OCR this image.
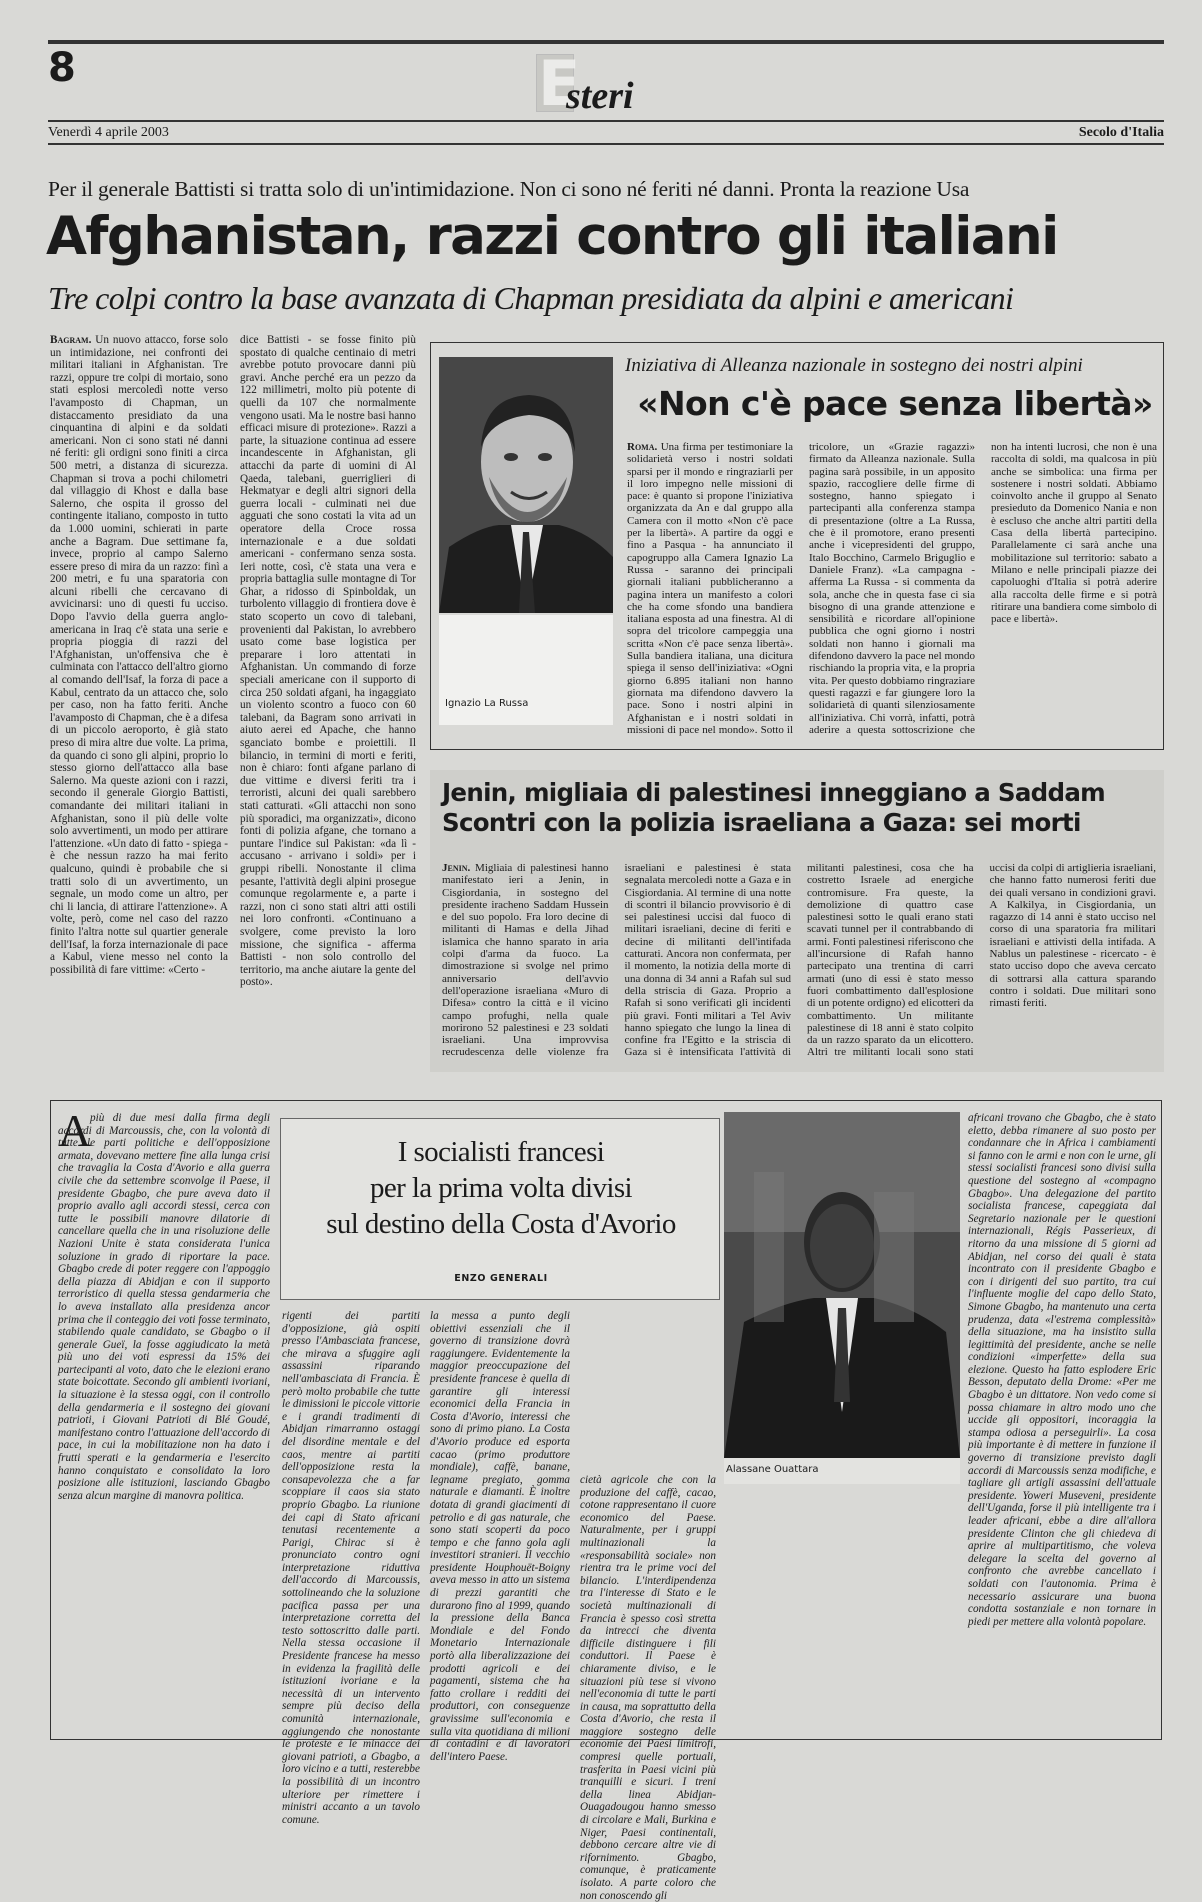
8	E
steri
Venerdì 4 aprile 2003	Secolo d'Italia
Per il generale Battisti si tratta solo di un'intimidazione. Non ci sono né feriti né danni. Pronta la reazione Usa
Afghanistan, razzi contro gli italiani
Tre colpi contro la base avanzata di Chapman presidiata da alpini e americani
Bagram. Un nuovo attacco, forse solo un intimidazione, nei confronti dei militari italiani in Afghanistan. Tre razzi, oppure tre colpi di mortaio, sono stati esplosi mercoledì notte verso l'avamposto di Chapman, un distaccamento presidiato da una cinquantina di alpini e da soldati americani. Non ci sono stati né danni né feriti: gli ordigni sono finiti a circa 500 metri, a distanza di sicurezza. Chapman si trova a pochi chilometri dal villaggio di Khost e dalla base Salerno, che ospita il grosso del contingente italiano, composto in tutto da 1.000 uomini, schierati in parte anche a Bagram. Due settimane fa, invece, proprio al campo Salerno essere preso di mira da un razzo: finì a 200 metri, e fu una sparatoria con alcuni ribelli che cercavano di avvicinarsi: uno di questi fu ucciso. Dopo l'avvio della guerra anglo-americana in Iraq c'è stata una serie e propria pioggia di razzi del l'Afghanistan, un'offensiva che è culminata con l'attacco dell'altro giorno al comando dell'Isaf, la forza di pace a Kabul, centrato da un attacco che, solo per caso, non ha fatto feriti. Anche l'avamposto di Chapman, che è a difesa di un piccolo aeroporto, è già stato preso di mira altre due volte. La prima, da quando ci sono gli alpini, proprio lo stesso giorno dell'attacco alla base Salerno. Ma queste azioni con i razzi, secondo il generale Giorgio Battisti, comandante dei militari italiani in Afghanistan, sono il più delle volte solo avvertimenti, un modo per attirare l'attenzione. «Un dato di fatto - spiega - è che nessun razzo ha mai ferito qualcuno, quindi è probabile che si tratti solo di un avvertimento, un segnale, un modo come un altro, per chi li lancia, di attirare l'attenzione». A volte, però, come nel caso del razzo finito l'altra notte sul quartier generale dell'Isaf, la forza internazionale di pace a Kabul, viene messo nel conto la possibilità di fare vittime: «Certo -
dice Battisti - se fosse finito più spostato di qualche centinaio di metri avrebbe potuto provocare danni più gravi. Anche perché era un pezzo da 122 millimetri, molto più potente di quelli da 107 che normalmente vengono usati. Ma le nostre basi hanno efficaci misure di protezione». Razzi a parte, la situazione continua ad essere incandescente in Afghanistan, gli attacchi da parte di uomini di Al Qaeda, talebani, guerriglieri di Hekmatyar e degli altri signori della guerra locali - culminati nei due agguati che sono costati la vita ad un operatore della Croce rossa internazionale e a due soldati americani - confermano senza sosta. Ieri notte, così, c'è stata una vera e propria battaglia sulle montagne di Tor Ghar, a ridosso di Spinboldak, un turbolento villaggio di frontiera dove è stato scoperto un covo di talebani, provenienti dal Pakistan, lo avrebbero usato come base logistica per preparare i loro attentati in Afghanistan. Un commando di forze speciali americane con il supporto di circa 250 soldati afgani, ha ingaggiato un violento scontro a fuoco con 60 talebani, da Bagram sono arrivati in aiuto aerei ed Apache, che hanno sganciato bombe e proiettili. Il bilancio, in termini di morti e feriti, non è chiaro: fonti afgane parlano di due vittime e diversi feriti tra i terroristi, alcuni dei quali sarebbero stati catturati. «Gli attacchi non sono più sporadici, ma organizzati», dicono fonti di polizia afgane, che tornano a puntare l'indice sul Pakistan: «da lì - accusano - arrivano i soldi» per i gruppi ribelli. Nonostante il clima pesante, l'attività degli alpini prosegue comunque regolarmente e, a parte i razzi, non ci sono stati altri atti ostili nei loro confronti. «Continuano a svolgere, come previsto la loro missione, che significa - afferma Battisti - non solo controllo del territorio, ma anche aiutare la gente del posto».
Ignazio La Russa
Iniziativa di Alleanza nazionale in sostegno dei nostri alpini
«Non c'è pace senza libertà»
Roma. Una firma per testimoniare la solidarietà verso i nostri soldati sparsi per il mondo e ringraziarli per il loro impegno nelle missioni di pace: è quanto si propone l'iniziativa organizzata da An e dal gruppo alla Camera con il motto «Non c'è pace per la libertà». A partire da oggi e fino a Pasqua - ha annunciato il capogruppo alla Camera Ignazio La Russa - saranno dei principali giornali italiani pubblicheranno a pagina intera un manifesto a colori che ha come sfondo una bandiera italiana esposta ad una finestra. Al di sopra del tricolore campeggia una scritta «Non c'è pace senza libertà». Sulla bandiera italiana, una dicitura spiega il senso dell'iniziativa: «Ogni giorno 6.895 italiani non hanno giornata ma difendono davvero la pace. Sono i nostri alpini in Afghanistan e i nostri soldati in missioni di pace nel mondo». Sotto il tricolore, un «Grazie ragazzi» firmato da Alleanza nazionale. Sulla pagina sarà possibile, in un apposito spazio, raccogliere delle firme di sostegno, hanno spiegato i partecipanti alla conferenza stampa di presentazione (oltre a La Russa, che è il promotore, erano presenti anche i vicepresidenti del gruppo, Italo Bocchino, Carmelo Briguglio e Daniele Franz). «La campagna - afferma La Russa - si commenta da sola, anche che in questa fase ci sia bisogno di una grande attenzione e sensibilità e ricordare all'opinione pubblica che ogni giorno i nostri soldati non hanno i giornali ma difendono davvero la pace nel mondo rischiando la propria vita, e la propria vita. Per questo dobbiamo ringraziare questi ragazzi e far giungere loro la solidarietà di quanti silenziosamente all'iniziativa. Chi vorrà, infatti, potrà aderire a questa sottoscrizione che non ha intenti lucrosi, che non è una raccolta di soldi, ma qualcosa in più anche se simbolica: una firma per sostenere i nostri soldati. Abbiamo coinvolto anche il gruppo al Senato presieduto da Domenico Nania e non è escluso che anche altri partiti della Casa della libertà partecipino. Parallelamente ci sarà anche una mobilitazione sul territorio: sabato a Milano e nelle principali piazze dei capoluoghi d'Italia si potrà aderire alla raccolta delle firme e si potrà ritirare una bandiera come simbolo di pace e libertà».
Jenin, migliaia di palestinesi inneggiano a Saddam
Scontri con la polizia israeliana a Gaza: sei morti
Jenin. Migliaia di palestinesi hanno manifestato ieri a Jenin, in Cisgiordania, in sostegno del presidente iracheno Saddam Hussein e del suo popolo. Fra loro decine di militanti di Hamas e della Jihad islamica che hanno sparato in aria colpi d'arma da fuoco. La dimostrazione si svolge nel primo anniversario dell'avvio dell'operazione israeliana «Muro di Difesa» contro la città e il vicino campo profughi, nella quale morirono 52 palestinesi e 23 soldati israeliani. Una improvvisa recrudescenza delle violenze fra israeliani e palestinesi è stata segnalata mercoledì notte a Gaza e in Cisgiordania. Al termine di una notte di scontri il bilancio provvisorio è di sei palestinesi uccisi dal fuoco di militari israeliani, decine di feriti e decine di militanti dell'intifada catturati. Ancora non confermata, per il momento, la notizia della morte di una donna di 34 anni a Rafah sul sud della striscia di Gaza. Proprio a Rafah si sono verificati gli incidenti più gravi. Fonti militari a Tel Aviv hanno spiegato che lungo la linea di confine fra l'Egitto e la striscia di Gaza si è intensificata l'attività di militanti palestinesi, cosa che ha costretto Israele ad energiche contromisure. Fra queste, la demolizione di quattro case palestinesi sotto le quali erano stati scavati tunnel per il contrabbando di armi. Fonti palestinesi riferiscono che all'incursione di Rafah hanno partecipato una trentina di carri armati (uno di essi è stato messo fuori combattimento dall'esplosione di un potente ordigno) ed elicotteri da combattimento. Un militante palestinese di 18 anni è stato colpito da un razzo sparato da un elicottero. Altri tre militanti locali sono stati uccisi da colpi di artiglieria israeliani, che hanno fatto numerosi feriti due dei quali versano in condizioni gravi. A Kalkilya, in Cisgiordania, un ragazzo di 14 anni è stato ucciso nel corso di una sparatoria fra militari israeliani e attivisti della intifada. A Nablus un palestinese - ricercato - è stato ucciso dopo che aveva cercato di sottrarsi alla cattura sparando contro i soldati. Due militari sono rimasti feriti.
A
più di due mesi dalla firma degli accordi di Marcoussis, che, con la volontà di tutte le parti politiche e dell'opposizione armata, dovevano mettere fine alla lunga crisi che travaglia la Costa d'Avorio e alla guerra civile che da settembre sconvolge il Paese, il presidente Gbagbo, che pure aveva dato il proprio avallo agli accordi stessi, cerca con tutte le possibili manovre dilatorie di cancellare quella che in una risoluzione delle Nazioni Unite è stata considerata l'unica soluzione in grado di riportare la pace. Gbagbo crede di poter reggere con l'appoggio della piazza di Abidjan e con il supporto terroristico di quella stessa gendarmeria che lo aveva installato alla presidenza ancor prima che il conteggio dei voti fosse terminato, stabilendo quale candidato, se Gbagbo o il generale Gueï, la fosse aggiudicato la metà più uno dei voti espressi da 15% dei partecipanti al voto, dato che le elezioni erano state boicottate. Secondo gli ambienti ivoriani, la situazione è la stessa oggi, con il controllo della gendarmeria e il sostegno dei giovani patrioti, i Giovani Patrioti di Blé Goudé, manifestano contro l'attuazione dell'accordo di pace, in cui la mobilitazione non ha dato i frutti sperati e la gendarmeria e l'esercito hanno conquistato e consolidato la loro posizione alle istituzioni, lasciando Gbagbo senza alcun margine di manovra politica.
I socialisti francesi
per la prima volta divisi
sul destino della Costa d'Avorio
ENZO GENERALI
Alassane Ouattara
rigenti dei partiti d'opposizione, già ospiti presso l'Ambasciata francese, che mirava a sfuggire agli assassini riparando nell'ambasciata di Francia. È però molto probabile che tutte le dimissioni le piccole vittorie e i grandi tradimenti di Abidjan rimarranno ostaggi del disordine mentale e del caos, mentre ai partiti dell'opposizione resta la consapevolezza che a far scoppiare il caos sia stato proprio Gbagbo. La riunione dei capi di Stato africani tenutasi recentemente a Parigi, Chirac si è pronunciato contro ogni interpretazione riduttiva dell'accordo di Marcoussis, sottolineando che la soluzione pacifica passa per una interpretazione corretta del testo sottoscritto dalle parti. Nella stessa occasione il Presidente francese ha messo in evidenza la fragilità delle istituzioni ivoriane e la necessità di un intervento sempre più deciso della comunità internazionale, aggiungendo che nonostante le proteste e le minacce dei giovani patrioti, a Gbagbo, a loro vicino e a tutti, resterebbe la possibilità di un incontro ulteriore per rimettere i ministri accanto a un tavolo comune.
la messa a punto degli obiettivi essenziali che il governo di transizione dovrà raggiungere. Evidentemente la maggior preoccupazione del presidente francese è quella di garantire gli interessi economici della Francia in Costa d'Avorio, interessi che sono di primo piano. La Costa d'Avorio produce ed esporta cacao (primo produttore mondiale), caffè, banane, legname pregiato, gomma naturale e diamanti. È inoltre dotata di grandi giacimenti di petrolio e di gas naturale, che sono stati scoperti da poco tempo e che fanno gola agli investitori stranieri. Il vecchio presidente Houphouët-Boigny aveva messo in atto un sistema di prezzi garantiti che durarono fino al 1999, quando la pressione della Banca Mondiale e del Fondo Monetario Internazionale portò alla liberalizzazione dei prodotti agricoli e dei pagamenti, sistema che ha fatto crollare i redditi dei produttori, con conseguenze gravissime sull'economia e sulla vita quotidiana di milioni di contadini e di lavoratori dell'intero Paese.
cietà agricole che con la produzione del caffè, cacao, cotone rappresentano il cuore economico del Paese. Naturalmente, per i gruppi multinazionali la «responsabilità sociale» non rientra tra le prime voci del bilancio. L'interdipendenza tra l'interesse di Stato e le società multinazionali di Francia è spesso così stretta da intrecci che diventa difficile distinguere i fili conduttori. Il Paese è chiaramente diviso, e le situazioni più tese si vivono nell'economia di tutte le parti in causa, ma soprattutto della Costa d'Avorio, che resta il maggiore sostegno delle economie dei Paesi limitrofi, compresi quelle portuali, trasferita in Paesi vicini più tranquilli e sicuri. I treni della linea Abidjan-Ouagadougou hanno smesso di circolare e Mali, Burkina e Niger, Paesi continentali, debbono cercare altre vie di rifornimento. Gbagbo, comunque, è praticamente isolato. A parte coloro che non conoscendo gli
africani trovano che Gbagbo, che è stato eletto, debba rimanere al suo posto per condannare che in Africa i cambiamenti si fanno con le armi e non con le urne, gli stessi socialisti francesi sono divisi sulla questione del sostegno al «compagno Gbagbo». Una delegazione del partito socialista francese, capeggiata dal Segretario nazionale per le questioni internazionali, Régis Passerieux, di ritorno da una missione di 5 giorni ad Abidjan, nel corso dei quali è stata incontrato con il presidente Gbagbo e con i dirigenti del suo partito, tra cui l'influente moglie del capo dello Stato, Simone Gbagbo, ha mantenuto una certa prudenza, data «l'estrema complessità» della situazione, ma ha insistito sulla legittimità del presidente, anche se nelle condizioni «imperfette» della sua elezione. Questo ha fatto esplodere Eric Besson, deputato della Drome: «Per me Gbagbo è un dittatore. Non vedo come si possa chiamare in altro modo uno che uccide gli oppositori, incoraggia la stampa odiosa a perseguirli». La cosa più importante è di mettere in funzione il governo di transizione previsto dagli accordi di Marcoussis senza modifiche, e tagliare gli artigli assassini dell'attuale presidente. Yoweri Museveni, presidente dell'Uganda, forse il più intelligente tra i leader africani, ebbe a dire all'allora presidente Clinton che gli chiedeva di aprire al multipartitismo, che voleva delegare la scelta del governo al confronto che avrebbe cancellato i soldati con l'autonomia. Prima è necessario assicurare una buona condotta sostanziale e non tornare in piedi per mettere alla volontà popolare.
